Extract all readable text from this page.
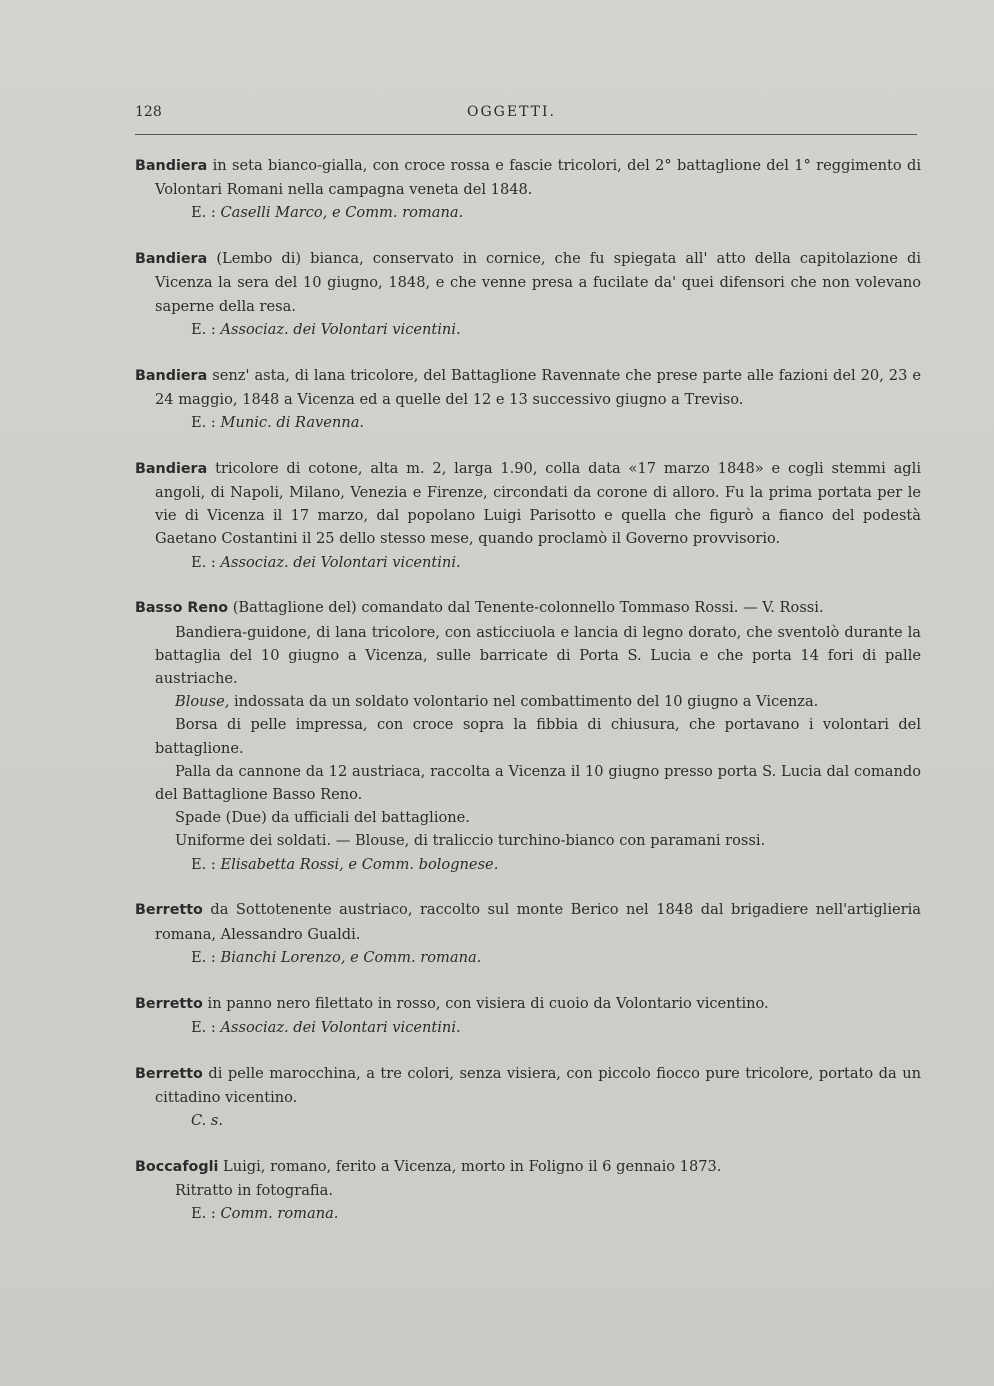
128	OGGETTI.

Bandiera in seta bianco-gialla, con croce rossa e fascie tricolori, del 2° battaglione del 1° reggimento di Volontari Romani nella campagna veneta del 1848.

E. : Caselli Marco, e Comm. romana.

Bandiera (Lembo di) bianca, conservato in cornice, che fu spiegata all' atto della capitolazione di Vicenza la sera del 10 giugno, 1848, e che venne presa a fucilate da' quei difensori che non volevano saperne della resa.

E. : Associaz. dei Volontari vicentini.

Bandiera senz' asta, di lana tricolore, del Battaglione Ravennate che prese parte alle fazioni del 20, 23 e 24 maggio, 1848 a Vicenza ed a quelle del 12 e 13 successivo giugno a Treviso.

E. : Munic. di Ravenna.

Bandiera tricolore di cotone, alta m. 2, larga 1.90, colla data «17 marzo 1848» e cogli stemmi agli angoli, di Napoli, Milano, Venezia e Firenze, circondati da corone di alloro. Fu la prima portata per le vie di Vicenza il 17 marzo, dal popolano Luigi Parisotto e quella che figurò a fianco del podestà Gaetano Costantini il 25 dello stesso mese, quando proclamò il Governo provvisorio.

E. : Associaz. dei Volontari vicentini.

Basso Reno (Battaglione del) comandato dal Tenente-colonnello Tommaso Rossi. — V. Rossi.

Bandiera-guidone, di lana tricolore, con asticciuola e lancia di legno dorato, che sventolò durante la battaglia del 10 giugno a Vicenza, sulle barricate di Porta S. Lucia e che porta 14 fori di palle austriache.

Blouse, indossata da un soldato volontario nel combattimento del 10 giugno a Vicenza.

Borsa di pelle impressa, con croce sopra la fibbia di chiusura, che portavano i volontari del battaglione.

Palla da cannone da 12 austriaca, raccolta a Vicenza il 10 giugno presso porta S. Lucia dal comando del Battaglione Basso Reno.

Spade (Due) da ufficiali del battaglione.

Uniforme dei soldati. — Blouse, di traliccio turchino-bianco con paramani rossi.

E. : Elisabetta Rossi, e Comm. bolognese.

Berretto da Sottotenente austriaco, raccolto sul monte Berico nel 1848 dal brigadiere nell'artiglieria romana, Alessandro Gualdi.

E. : Bianchi Lorenzo, e Comm. romana.

Berretto in panno nero filettato in rosso, con visiera di cuoio da Volontario vicentino.

E. : Associaz. dei Volontari vicentini.

Berretto di pelle marocchina, a tre colori, senza visiera, con piccolo fiocco pure tricolore, portato da un cittadino vicentino.

C. s.

Boccafogli Luigi, romano, ferito a Vicenza, morto in Foligno il 6 gennaio 1873.

Ritratto in fotografia.

E. : Comm. romana.
